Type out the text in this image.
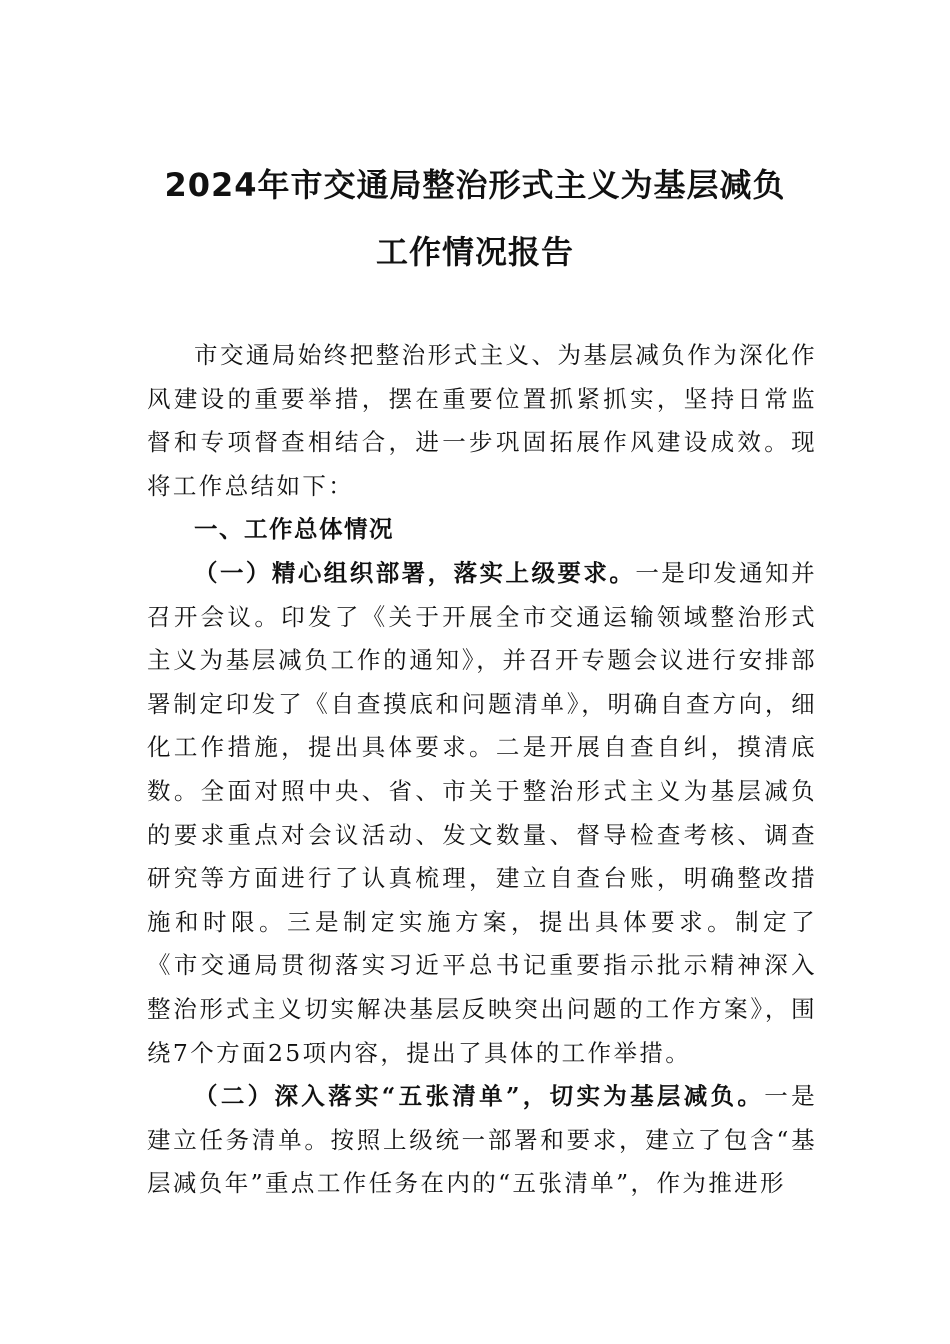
2024年市交通局整治形式主义为基层减负
工作情况报告

市交通局始终把整治形式主义、为基层减负作为深化作风建设的重要举措，摆在重要位置抓紧抓实，坚持日常监督和专项督查相结合，进一步巩固拓展作风建设成效。现将工作总结如下：

一、工作总体情况

（一）精心组织部署，落实上级要求。一是印发通知并召开会议。印发了《关于开展全市交通运输领域整治形式主义为基层减负工作的通知》，并召开专题会议进行安排部署制定印发了《自查摸底和问题清单》，明确自查方向，细化工作措施，提出具体要求。二是开展自查自纠，摸清底数。全面对照中央、省、市关于整治形式主义为基层减负的要求重点对会议活动、发文数量、督导检查考核、调查研究等方面进行了认真梳理，建立自查台账，明确整改措施和时限。三是制定实施方案，提出具体要求。制定了《市交通局贯彻落实习近平总书记重要指示批示精神深入整治形式主义切实解决基层反映突出问题的工作方案》，围绕7个方面25项内容，提出了具体的工作举措。

（二）深入落实“五张清单”，切实为基层减负。一是建立任务清单。按照上级统一部署和要求，建立了包含“基层减负年”重点工作任务在内的“五张清单”，作为推进形
